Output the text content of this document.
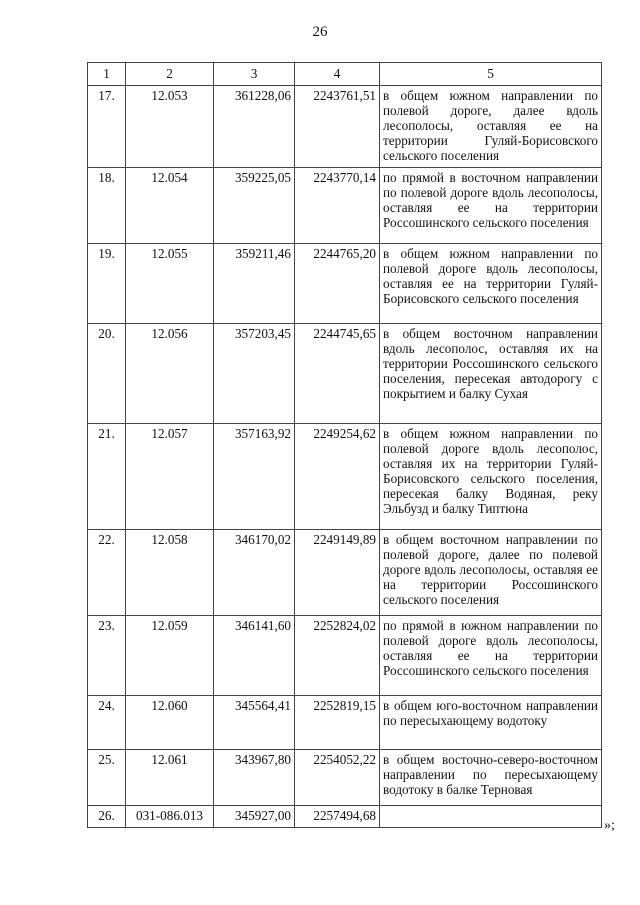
26
1	2	3	4	5
17.	12.053	361228,06	2243761,51	в общем южном направлении по полевой дороге, далее вдоль лесополосы, оставляя ее на территории Гуляй-Борисовского сельского поселения
18.	12.054	359225,05	2243770,14	по прямой в восточном направлении по полевой дороге вдоль лесополосы, оставляя ее на территории Россошинского сельского поселения
19.	12.055	359211,46	2244765,20	в общем южном направлении по полевой дороге вдоль лесополосы, оставляя ее на территории Гуляй-Борисовского сельского поселения
20.	12.056	357203,45	2244745,65	в общем восточном направлении вдоль лесополос, оставляя их на территории Россошинского сельского поселения, пересекая автодорогу с покрытием и балку Сухая
21.	12.057	357163,92	2249254,62	в общем южном направлении по полевой дороге вдоль лесополос, оставляя их на территории Гуляй-Борисовского сельского поселения, пересекая балку Водяная, реку Эльбузд и балку Типтюна
22.	12.058	346170,02	2249149,89	в общем восточном направлении по полевой дороге, далее по полевой дороге вдоль лесополосы, оставляя ее на территории Россошинского сельского поселения
23.	12.059	346141,60	2252824,02	по прямой в южном направлении по полевой дороге вдоль лесополосы, оставляя ее на территории Россошинского сельского поселения
24.	12.060	345564,41	2252819,15	в общем юго-восточном направлении по пересыхающему водотоку
25.	12.061	343967,80	2254052,22	в общем восточно-северо-восточном направлении по пересыхающему водотоку в балке Терновая
26.	031-086.013	345927,00	2257494,68	
»;
